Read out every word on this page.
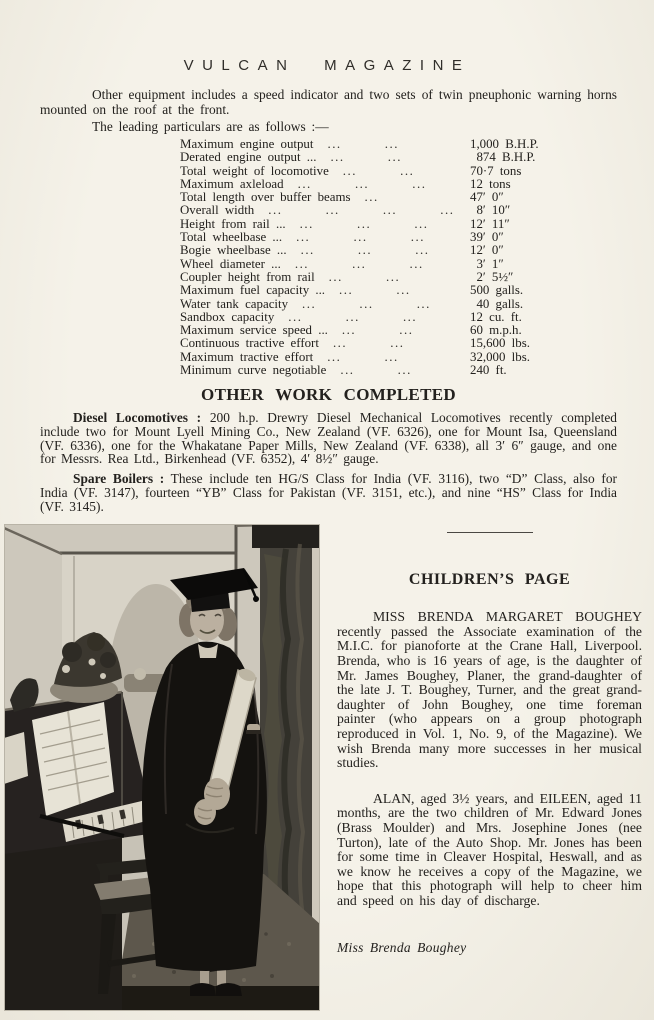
VULCAN MAGAZINE

Other equipment includes a speed indicator and two sets of twin pneuphonic warning horns mounted on the roof at the front.

The leading particulars are as follows :—

Maximum engine output	...   ...	1,000 B.H.P.
Derated engine output ...	...   ...	 874 B.H.P.
Total weight of locomotive	...   ...	70·7 tons
Maximum axleload	...   ...   ...	12 tons
Total length over buffer beams	...	47′ 0″
Overall width	...   ...   ...   ...	 8′ 10″
Height from rail ...	...   ...   ...	12′ 11″
Total wheelbase ...	...   ...   ...	39′ 0″
Bogie wheelbase ...	...   ...   ...	12′ 0″
Wheel diameter ...	...   ...   ...	 3′ 1″
Coupler height from rail	...   ...	 2′ 5½″
Maximum fuel capacity ...	...   ...	500 galls.
Water tank capacity	...   ...   ...	 40 galls.
Sandbox capacity	...   ...   ...	12 cu. ft.
Maximum service speed ...	...   ...	60 m.p.h.
Continuous tractive effort	...   ...	15,600 lbs.
Maximum tractive effort	...   ...	32,000 lbs.
Minimum curve negotiable	...   ...	240 ft.
OTHER WORK COMPLETED

Diesel Locomotives : 200 h.p. Drewry Diesel Mechanical Locomotives recently completed include two for Mount Lyell Mining Co., New Zealand (VF. 6326), one for Mount Isa, Queensland (VF. 6336), one for the Whakatane Paper Mills, New Zealand (VF. 6338), all 3′ 6″ gauge, and one for Messrs. Rea Ltd., Birkenhead (VF. 6352), 4′ 8½″ gauge.

Spare Boilers : These include ten HG/S Class for India (VF. 3116), two “D” Class, also for India (VF. 3147), fourteen “YB” Class for Pakistan (VF. 3151, etc.), and nine “HS” Class for India (VF. 3145).

CHILDREN’S PAGE

MISS BRENDA MARGARET BOUGHEY recently passed the Associate examination of the M.I.C. for pianoforte at the Crane Hall, Liverpool. Brenda, who is 16 years of age, is the daughter of Mr. James Boughey, Planer, the grand-daughter of the late J. T. Boughey, Turner, and the great grand-daughter of John Boughey, one time foreman painter (who appears on a group photograph reproduced in Vol. 1, No. 9, of the Magazine). We wish Brenda many more successes in her musical studies.

ALAN, aged 3½ years, and EILEEN, aged 11 months, are the two children of Mr. Edward Jones (Brass Moulder) and Mrs. Josephine Jones (nee Turton), late of the Auto Shop. Mr. Jones has been for some time in Cleaver Hospital, Heswall, and as we know he receives a copy of the Magazine, we hope that this photograph will help to cheer him and speed on his day of discharge.

Miss Brenda Boughey
